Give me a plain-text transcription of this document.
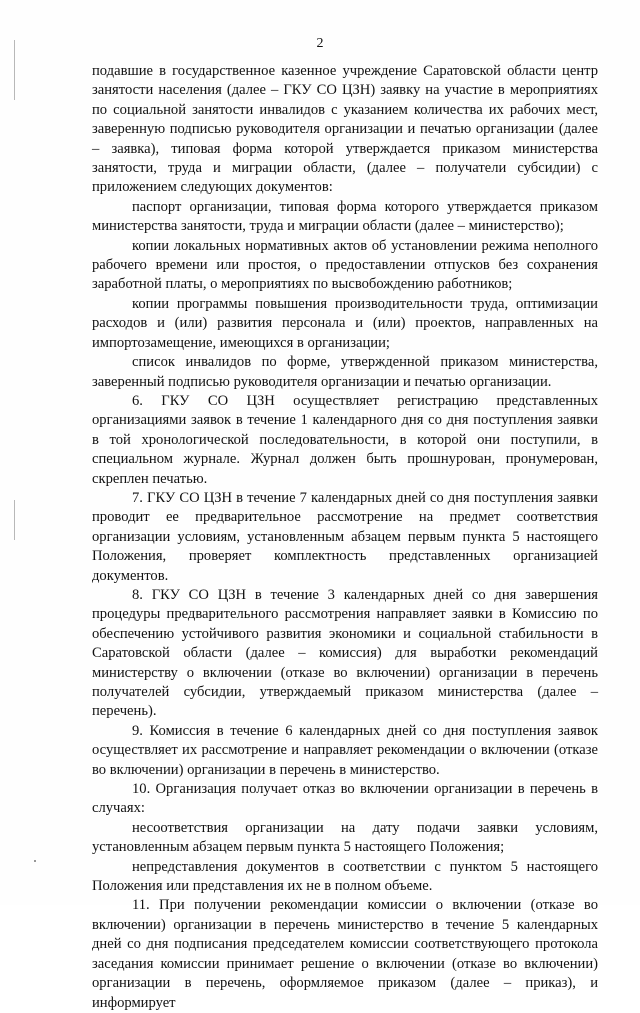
2

подавшие в государственное казенное учреждение Саратовской области центр занятости населения (далее – ГКУ СО ЦЗН) заявку на участие в мероприятиях по социальной занятости инвалидов с указанием количества их рабочих мест, заверенную подписью руководителя организации и печатью организации (далее – заявка), типовая форма которой утверждается приказом министерства занятости, труда и миграции области, (далее – получатели субсидии) с приложением следующих документов:

паспорт организации, типовая форма которого утверждается приказом министерства занятости, труда и миграции области (далее – министерство);

копии локальных нормативных актов об установлении режима неполного рабочего времени или простоя, о предоставлении отпусков без сохранения заработной платы, о мероприятиях по высвобождению работников;

копии программы повышения производительности труда, оптимизации расходов и (или) развития персонала и (или) проектов, направленных на импортозамещение, имеющихся в организации;

список инвалидов по форме, утвержденной приказом министерства, заверенный подписью руководителя организации и печатью организации.

6. ГКУ СО ЦЗН осуществляет регистрацию представленных организациями заявок в течение 1 календарного дня со дня поступления заявки в той хронологической последовательности, в которой они поступили, в специальном журнале. Журнал должен быть прошнурован, пронумерован, скреплен печатью.

7. ГКУ СО ЦЗН в течение 7 календарных дней со дня поступления заявки проводит ее предварительное рассмотрение на предмет соответствия организации условиям, установленным абзацем первым пункта 5 настоящего Положения, проверяет комплектность представленных организацией документов.

8. ГКУ СО ЦЗН в течение 3 календарных дней со дня завершения процедуры предварительного рассмотрения направляет заявки в Комиссию по обеспечению устойчивого развития экономики и социальной стабильности в Саратовской области (далее – комиссия) для выработки рекомендаций министерству о включении (отказе во включении) организации в перечень получателей субсидии, утверждаемый приказом министерства (далее – перечень).

9. Комиссия в течение 6 календарных дней со дня поступления заявок осуществляет их рассмотрение и направляет рекомендации о включении (отказе во включении) организации в перечень в министерство.

10. Организация получает отказ во включении организации в перечень в случаях:

несоответствия организации на дату подачи заявки условиям, установленным абзацем первым пункта 5 настоящего Положения;

непредставления документов в соответствии с пунктом 5 настоящего Положения или представления их не в полном объеме.

11. При получении рекомендации комиссии о включении (отказе во включении) организации в перечень министерство в течение 5 календарных дней со дня подписания председателем комиссии соответствующего протокола заседания комиссии принимает решение о включении (отказе во включении) организации в перечень, оформляемое приказом (далее – приказ), и информирует
